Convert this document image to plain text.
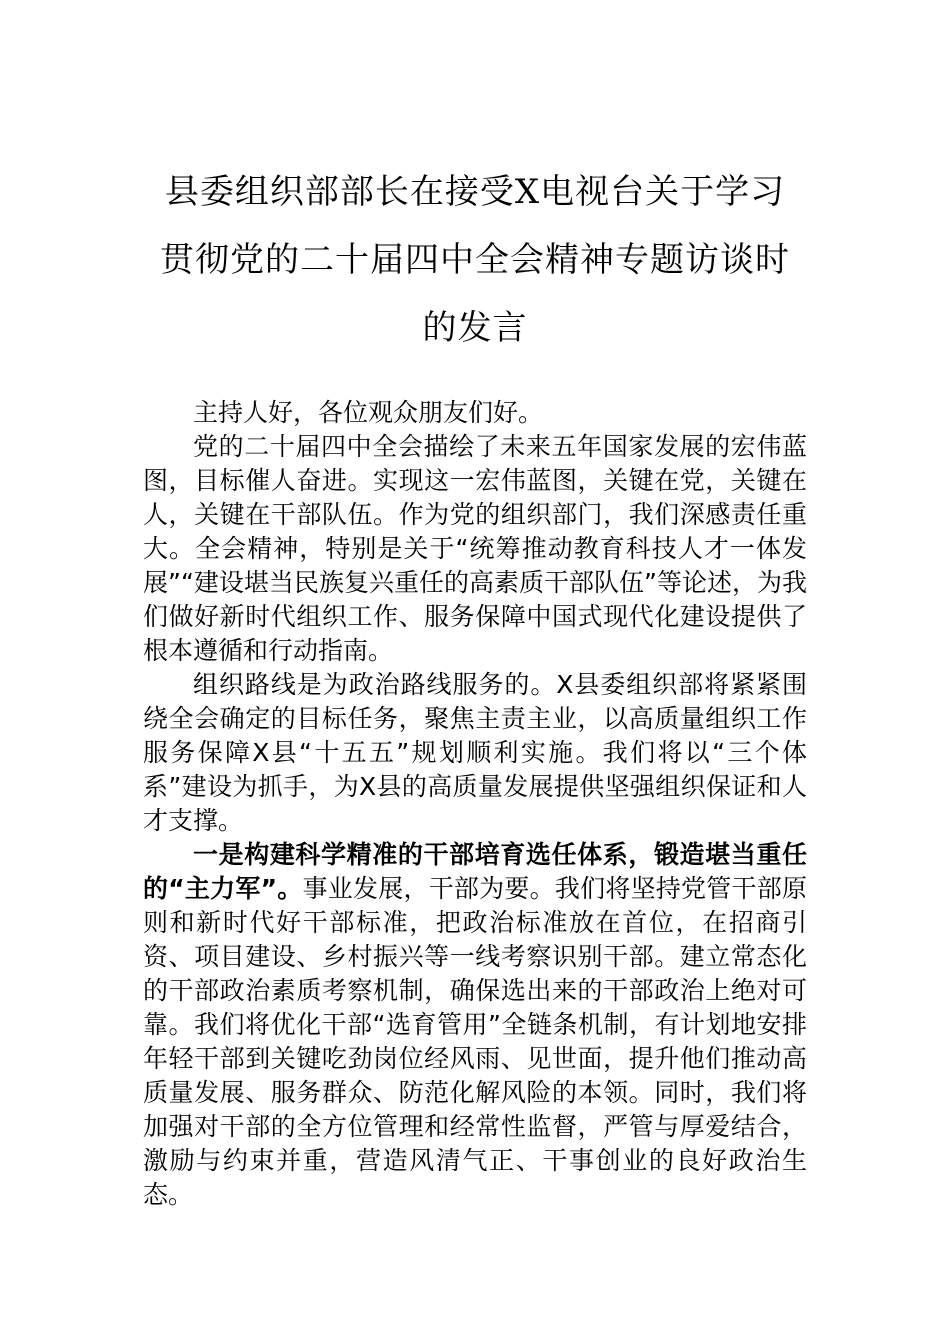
县委组织部部长在接受X电视台关于学习
贯彻党的二十届四中全会精神专题访谈时
的发言

主持人好，各位观众朋友们好。

党的二十届四中全会描绘了未来五年国家发展的宏伟蓝图，目标催人奋进。实现这一宏伟蓝图，关键在党，关键在人，关键在干部队伍。作为党的组织部门，我们深感责任重大。全会精神，特别是关于“统筹推动教育科技人才一体发展”“建设堪当民族复兴重任的高素质干部队伍”等论述，为我们做好新时代组织工作、服务保障中国式现代化建设提供了根本遵循和行动指南。

组织路线是为政治路线服务的。X县委组织部将紧紧围绕全会确定的目标任务，聚焦主责主业，以高质量组织工作服务保障X县“十五五”规划顺利实施。我们将以“三个体系”建设为抓手，为X县的高质量发展提供坚强组织保证和人才支撑。

一是构建科学精准的干部培育选任体系，锻造堪当重任的“主力军”。事业发展，干部为要。我们将坚持党管干部原则和新时代好干部标准，把政治标准放在首位，在招商引资、项目建设、乡村振兴等一线考察识别干部。建立常态化的干部政治素质考察机制，确保选出来的干部政治上绝对可靠。我们将优化干部“选育管用”全链条机制，有计划地安排年轻干部到关键吃劲岗位经风雨、见世面，提升他们推动高质量发展、服务群众、防范化解风险的本领。同时，我们将加强对干部的全方位管理和经常性监督，严管与厚爱结合，激励与约束并重，营造风清气正、干事创业的良好政治生态。
